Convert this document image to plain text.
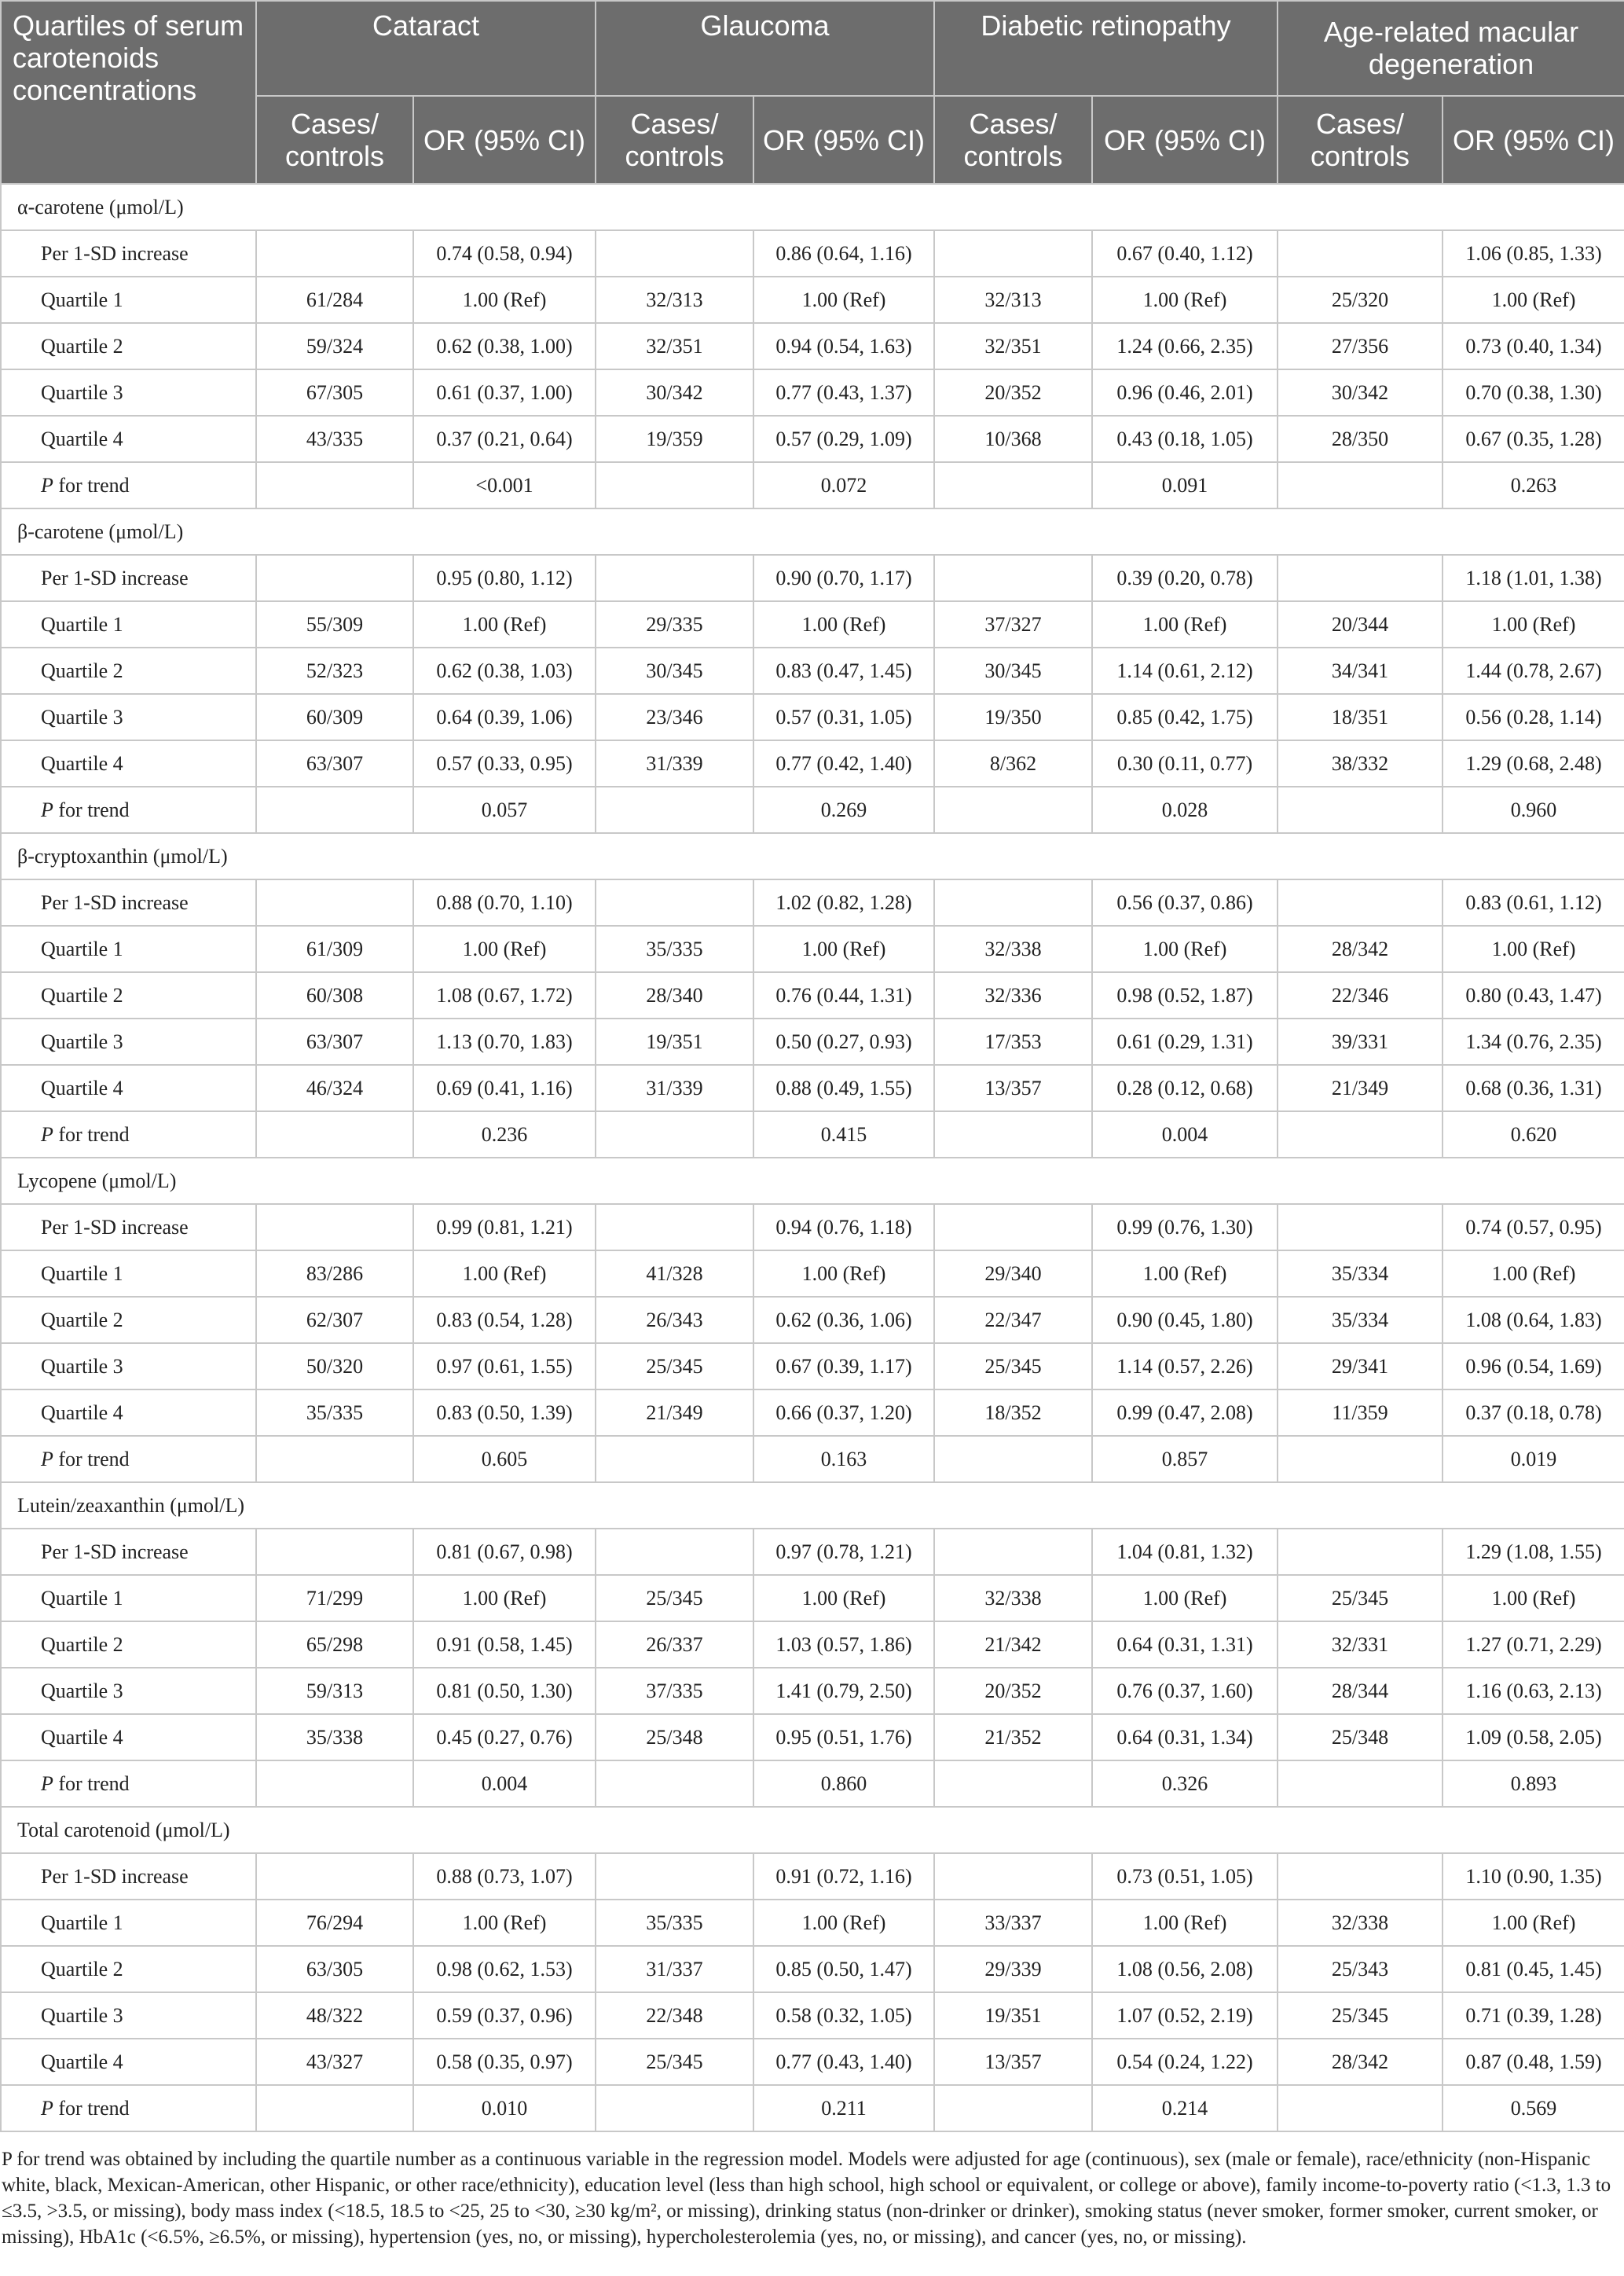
Quartiles of serum carotenoids concentrations	Cataract		Glaucoma		Diabetic retinopathy		Age-related macular degeneration	
	Cases/ controls	OR (95% CI)	Cases/ controls	OR (95% CI)	Cases/ controls	OR (95% CI)	Cases/ controls	OR (95% CI)
α-carotene (μmol/L)								
Per 1-SD increase		0.74 (0.58, 0.94)		0.86 (0.64, 1.16)		0.67 (0.40, 1.12)		1.06 (0.85, 1.33)
Quartile 1	61/284	1.00 (Ref)	32/313	1.00 (Ref)	32/313	1.00 (Ref)	25/320	1.00 (Ref)
Quartile 2	59/324	0.62 (0.38, 1.00)	32/351	0.94 (0.54, 1.63)	32/351	1.24 (0.66, 2.35)	27/356	0.73 (0.40, 1.34)
Quartile 3	67/305	0.61 (0.37, 1.00)	30/342	0.77 (0.43, 1.37)	20/352	0.96 (0.46, 2.01)	30/342	0.70 (0.38, 1.30)
Quartile 4	43/335	0.37 (0.21, 0.64)	19/359	0.57 (0.29, 1.09)	10/368	0.43 (0.18, 1.05)	28/350	0.67 (0.35, 1.28)
P for trend		<0.001		0.072		0.091		0.263
β-carotene (μmol/L)								
Per 1-SD increase		0.95 (0.80, 1.12)		0.90 (0.70, 1.17)		0.39 (0.20, 0.78)		1.18 (1.01, 1.38)
Quartile 1	55/309	1.00 (Ref)	29/335	1.00 (Ref)	37/327	1.00 (Ref)	20/344	1.00 (Ref)
Quartile 2	52/323	0.62 (0.38, 1.03)	30/345	0.83 (0.47, 1.45)	30/345	1.14 (0.61, 2.12)	34/341	1.44 (0.78, 2.67)
Quartile 3	60/309	0.64 (0.39, 1.06)	23/346	0.57 (0.31, 1.05)	19/350	0.85 (0.42, 1.75)	18/351	0.56 (0.28, 1.14)
Quartile 4	63/307	0.57 (0.33, 0.95)	31/339	0.77 (0.42, 1.40)	8/362	0.30 (0.11, 0.77)	38/332	1.29 (0.68, 2.48)
P for trend		0.057		0.269		0.028		0.960
β-cryptoxanthin (μmol/L)								
Per 1-SD increase		0.88 (0.70, 1.10)		1.02 (0.82, 1.28)		0.56 (0.37, 0.86)		0.83 (0.61, 1.12)
Quartile 1	61/309	1.00 (Ref)	35/335	1.00 (Ref)	32/338	1.00 (Ref)	28/342	1.00 (Ref)
Quartile 2	60/308	1.08 (0.67, 1.72)	28/340	0.76 (0.44, 1.31)	32/336	0.98 (0.52, 1.87)	22/346	0.80 (0.43, 1.47)
Quartile 3	63/307	1.13 (0.70, 1.83)	19/351	0.50 (0.27, 0.93)	17/353	0.61 (0.29, 1.31)	39/331	1.34 (0.76, 2.35)
Quartile 4	46/324	0.69 (0.41, 1.16)	31/339	0.88 (0.49, 1.55)	13/357	0.28 (0.12, 0.68)	21/349	0.68 (0.36, 1.31)
P for trend		0.236		0.415		0.004		0.620
Lycopene (μmol/L)								
Per 1-SD increase		0.99 (0.81, 1.21)		0.94 (0.76, 1.18)		0.99 (0.76, 1.30)		0.74 (0.57, 0.95)
Quartile 1	83/286	1.00 (Ref)	41/328	1.00 (Ref)	29/340	1.00 (Ref)	35/334	1.00 (Ref)
Quartile 2	62/307	0.83 (0.54, 1.28)	26/343	0.62 (0.36, 1.06)	22/347	0.90 (0.45, 1.80)	35/334	1.08 (0.64, 1.83)
Quartile 3	50/320	0.97 (0.61, 1.55)	25/345	0.67 (0.39, 1.17)	25/345	1.14 (0.57, 2.26)	29/341	0.96 (0.54, 1.69)
Quartile 4	35/335	0.83 (0.50, 1.39)	21/349	0.66 (0.37, 1.20)	18/352	0.99 (0.47, 2.08)	11/359	0.37 (0.18, 0.78)
P for trend		0.605		0.163		0.857		0.019
Lutein/zeaxanthin (μmol/L)								
Per 1-SD increase		0.81 (0.67, 0.98)		0.97 (0.78, 1.21)		1.04 (0.81, 1.32)		1.29 (1.08, 1.55)
Quartile 1	71/299	1.00 (Ref)	25/345	1.00 (Ref)	32/338	1.00 (Ref)	25/345	1.00 (Ref)
Quartile 2	65/298	0.91 (0.58, 1.45)	26/337	1.03 (0.57, 1.86)	21/342	0.64 (0.31, 1.31)	32/331	1.27 (0.71, 2.29)
Quartile 3	59/313	0.81 (0.50, 1.30)	37/335	1.41 (0.79, 2.50)	20/352	0.76 (0.37, 1.60)	28/344	1.16 (0.63, 2.13)
Quartile 4	35/338	0.45 (0.27, 0.76)	25/348	0.95 (0.51, 1.76)	21/352	0.64 (0.31, 1.34)	25/348	1.09 (0.58, 2.05)
P for trend		0.004		0.860		0.326		0.893
Total carotenoid (μmol/L)								
Per 1-SD increase		0.88 (0.73, 1.07)		0.91 (0.72, 1.16)		0.73 (0.51, 1.05)		1.10 (0.90, 1.35)
Quartile 1	76/294	1.00 (Ref)	35/335	1.00 (Ref)	33/337	1.00 (Ref)	32/338	1.00 (Ref)
Quartile 2	63/305	0.98 (0.62, 1.53)	31/337	0.85 (0.50, 1.47)	29/339	1.08 (0.56, 2.08)	25/343	0.81 (0.45, 1.45)
Quartile 3	48/322	0.59 (0.37, 0.96)	22/348	0.58 (0.32, 1.05)	19/351	1.07 (0.52, 2.19)	25/345	0.71 (0.39, 1.28)
Quartile 4	43/327	0.58 (0.35, 0.97)	25/345	0.77 (0.43, 1.40)	13/357	0.54 (0.24, 1.22)	28/342	0.87 (0.48, 1.59)
P for trend		0.010		0.211		0.214		0.569
P for trend was obtained by including the quartile number as a continuous variable in the regression model. Models were adjusted for age (continuous), sex (male or female), race/ethnicity (non-Hispanic white, black, Mexican-American, other Hispanic, or other race/ethnicity), education level (less than high school, high school or equivalent, or college or above), family income-to-poverty ratio (<1.3, 1.3 to ≤3.5, >3.5, or missing), body mass index (<18.5, 18.5 to <25, 25 to <30, ≥30 kg/m², or missing), drinking status (non-drinker or drinker), smoking status (never smoker, former smoker, current smoker, or missing), HbA1c (<6.5%, ≥6.5%, or missing), hypertension (yes, no, or missing), hypercholesterolemia (yes, no, or missing), and cancer (yes, no, or missing).
